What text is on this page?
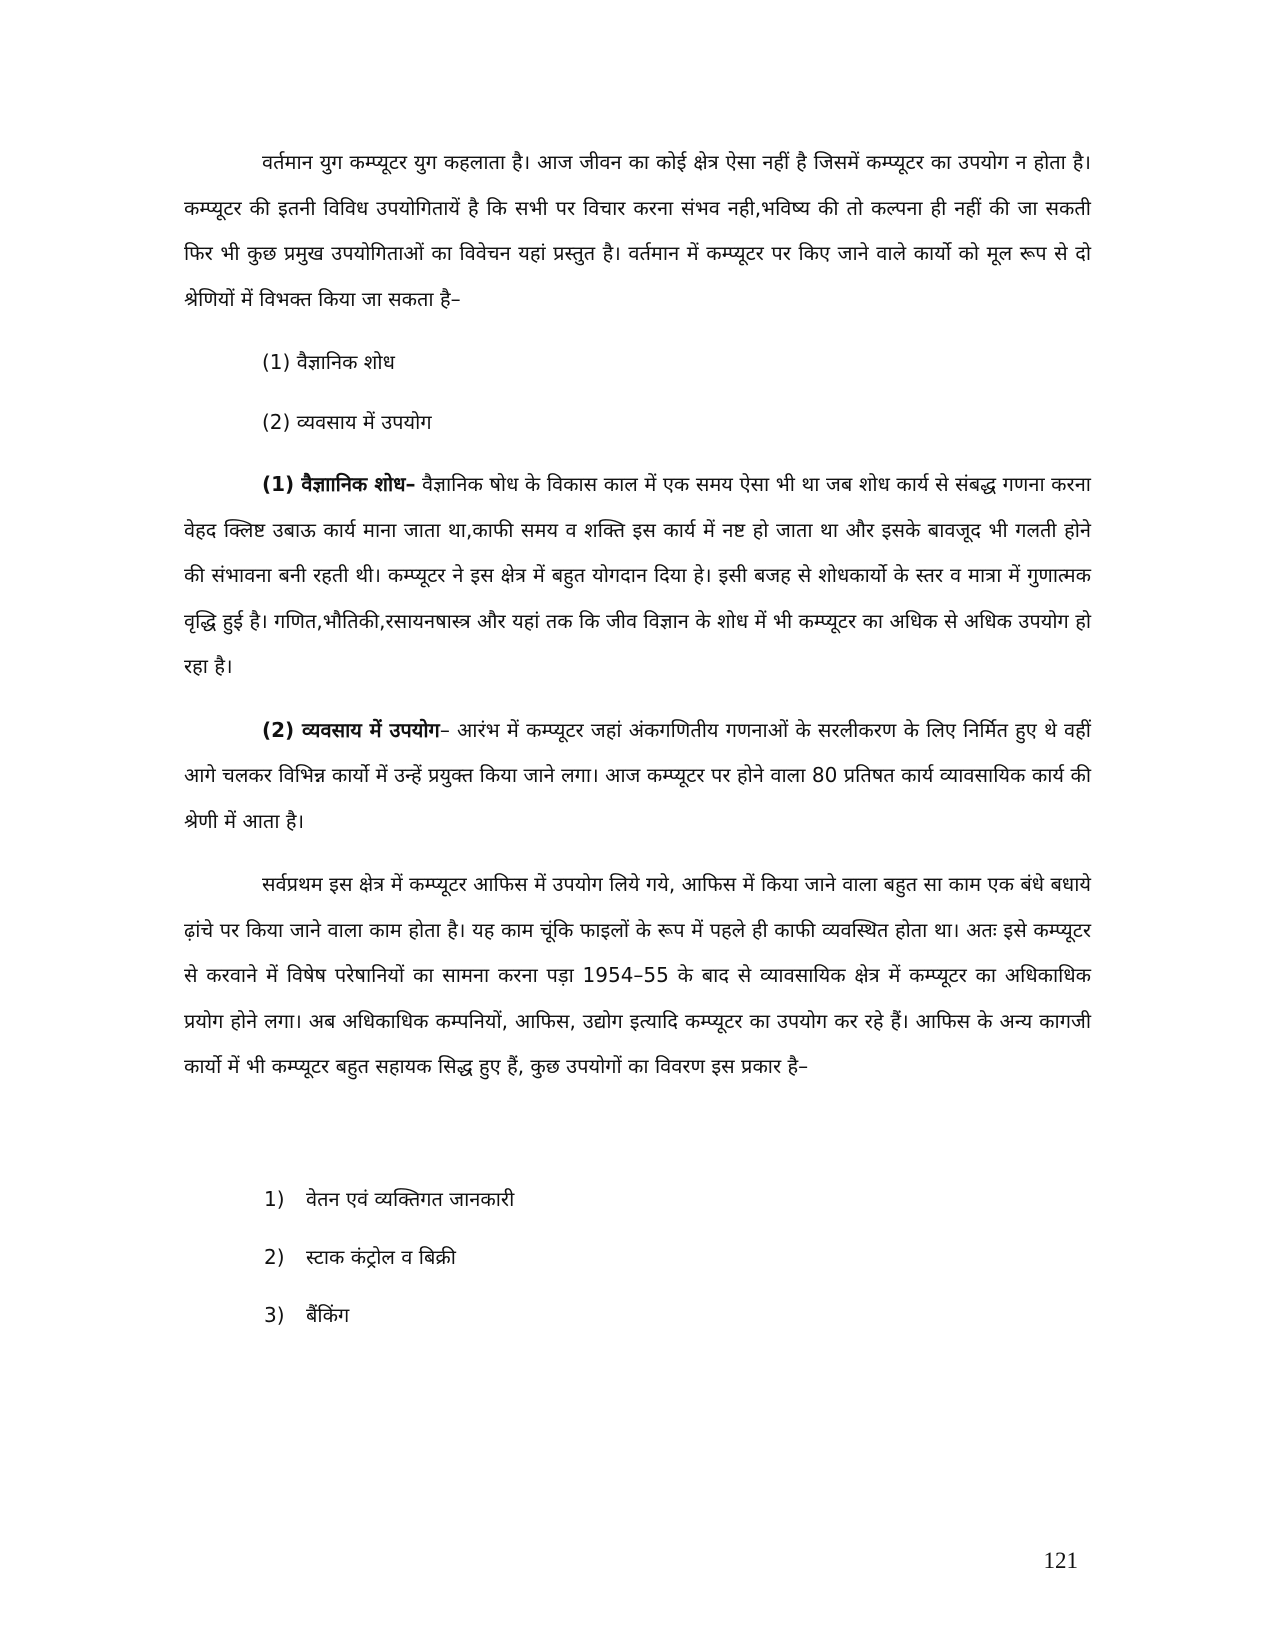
वर्तमान युग कम्प्यूटर युग कहलाता है। आज जीवन का कोई क्षेत्र ऐसा नहीं है जिसमें कम्प्यूटर का उपयोग न होता है। कम्प्यूटर की इतनी विविध उपयोगितायें है कि सभी पर विचार करना संभव नही,भविष्य की तो कल्पना ही नहीं की जा सकती फिर भी कुछ प्रमुख उपयोगिताओं का विवेचन यहां प्रस्तुत है। वर्तमान में कम्प्यूटर पर किए जाने वाले कार्यो को मूल रूप से दो श्रेणियों में विभक्त किया जा सकता है–

(1) वैज्ञानिक शोध
(2) व्यवसाय में उपयोग

(1) वैज्ञाानिक शोध– वैज्ञानिक षोध के विकास काल में एक समय ऐसा भी था जब शोध कार्य से संबद्ध गणना करना वेहद क्लिष्ट उबाऊ कार्य माना जाता था,काफी समय व शक्ति इस कार्य में नष्ट हो जाता था और इसके बावजूद भी गलती होने की संभावना बनी रहती थी। कम्प्यूटर ने इस क्षेत्र में बहुत योगदान दिया हे। इसी बजह से शोधकार्यो के स्तर व मात्रा में गुणात्मक वृद्धि हुई है। गणित,भौतिकी,रसायनषास्त्र और यहां तक कि जीव विज्ञान के शोध में भी कम्प्यूटर का अधिक से अधिक उपयोग हो रहा है।

(2) व्यवसाय में उपयोग– आरंभ में कम्प्यूटर जहां अंकगणितीय गणनाओं के सरलीकरण के लिए निर्मित हुए थे वहीं आगे चलकर विभिन्न कार्यो में उन्हें प्रयुक्त किया जाने लगा। आज कम्प्यूटर पर होने वाला 80 प्रतिषत कार्य व्यावसायिक कार्य की श्रेणी में आता है।

सर्वप्रथम इस क्षेत्र में कम्प्यूटर आफिस में उपयोग लिये गये, आफिस में किया जाने वाला बहुत सा काम एक बंधे बधाये ढ़ांचे पर किया जाने वाला काम होता है। यह काम चूंकि फाइलों के रूप में पहले ही काफी व्यवस्थित होता था। अतः इसे कम्प्यूटर से करवाने में विषेष परेषानियों का सामना करना पड़ा 1954–55 के बाद से व्यावसायिक क्षेत्र में कम्प्यूटर का अधिकाधिक प्रयोग होने लगा। अब अधिकाधिक कम्पनियों, आफिस, उद्योग इत्यादि कम्प्यूटर का उपयोग कर रहे हैं। आफिस के अन्य कागजी कार्यो में भी कम्प्यूटर बहुत सहायक सिद्ध हुए हैं, कुछ उपयोगों का विवरण इस प्रकार है–

1)	वेतन एवं व्यक्तिगत जानकारी
2)	स्टाक कंट्रोल व बिक्री
3)	बैंकिंग
121
